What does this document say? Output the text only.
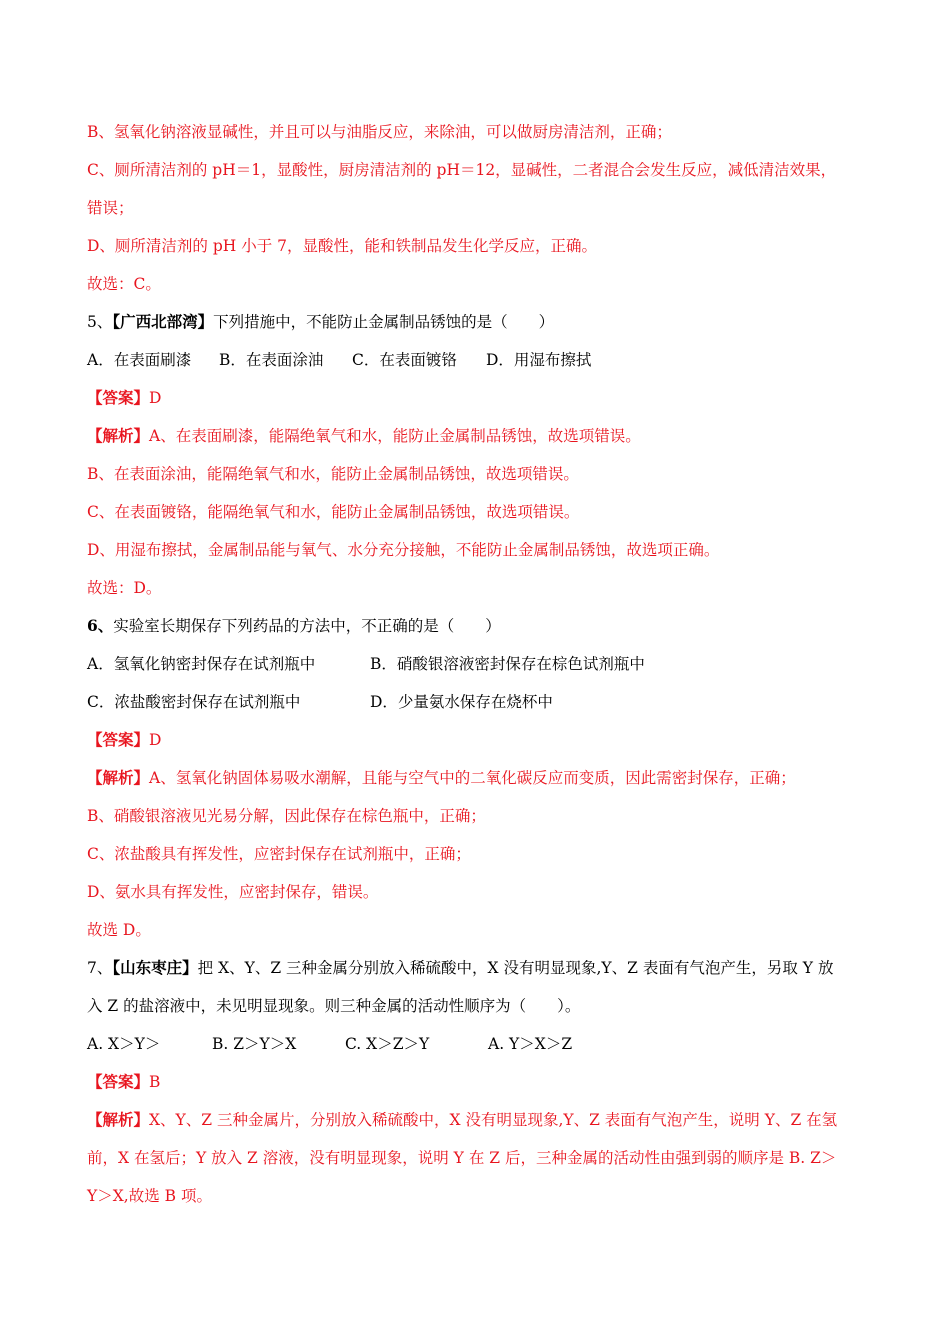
B、氢氧化钠溶液显碱性，并且可以与油脂反应，来除油，可以做厨房清洁剂，正确；
C、厕所清洁剂的 pH＝1，显酸性，厨房清洁剂的 pH＝12，显碱性，二者混合会发生反应，减低清洁效果，
错误；
D、厕所清洁剂的 pH 小于 7，显酸性，能和铁制品发生化学反应，正确。
故选：C。
5、【广西北部湾】下列措施中，不能防止金属制品锈蚀的是（　　）
A．在表面刷漆 B．在表面涂油 C．在表面镀铬 D．用湿布擦拭
【答案】D
【解析】A、在表面刷漆，能隔绝氧气和水，能防止金属制品锈蚀，故选项错误。
B、在表面涂油，能隔绝氧气和水，能防止金属制品锈蚀，故选项错误。
C、在表面镀铬，能隔绝氧气和水，能防止金属制品锈蚀，故选项错误。
D、用湿布擦拭，金属制品能与氧气、水分充分接触，不能防止金属制品锈蚀，故选项正确。
故选：D。
6、实验室长期保存下列药品的方法中，不正确的是（　　）
A．氢氧化钠密封保存在试剂瓶中	B．硝酸银溶液密封保存在棕色试剂瓶中
C．浓盐酸密封保存在试剂瓶中	D．少量氨水保存在烧杯中
【答案】D
【解析】A、氢氧化钠固体易吸水潮解，且能与空气中的二氧化碳反应而变质，因此需密封保存，正确；
B、硝酸银溶液见光易分解，因此保存在棕色瓶中，正确；
C、浓盐酸具有挥发性，应密封保存在试剂瓶中，正确；
D、氨水具有挥发性，应密封保存，错误。
故选 D。
7、【山东枣庄】把 X、Y、Z 三种金属分别放入稀硫酸中，X 没有明显现象,Y、Z 表面有气泡产生，另取 Y 放
入 Z 的盐溶液中，未见明显现象。则三种金属的活动性顺序为（　　）。
A. X＞Y＞	B. Z＞Y＞X	C. X＞Z＞Y	A. Y＞X＞Z
【答案】B
【解析】X、Y、Z 三种金属片，分别放入稀硫酸中，X 没有明显现象,Y、Z 表面有气泡产生，说明 Y、Z 在氢
前，X 在氢后；Y 放入 Z 溶液，没有明显现象，说明 Y 在 Z 后，三种金属的活动性由强到弱的顺序是 B. Z＞
Y＞X,故选 B 项。
